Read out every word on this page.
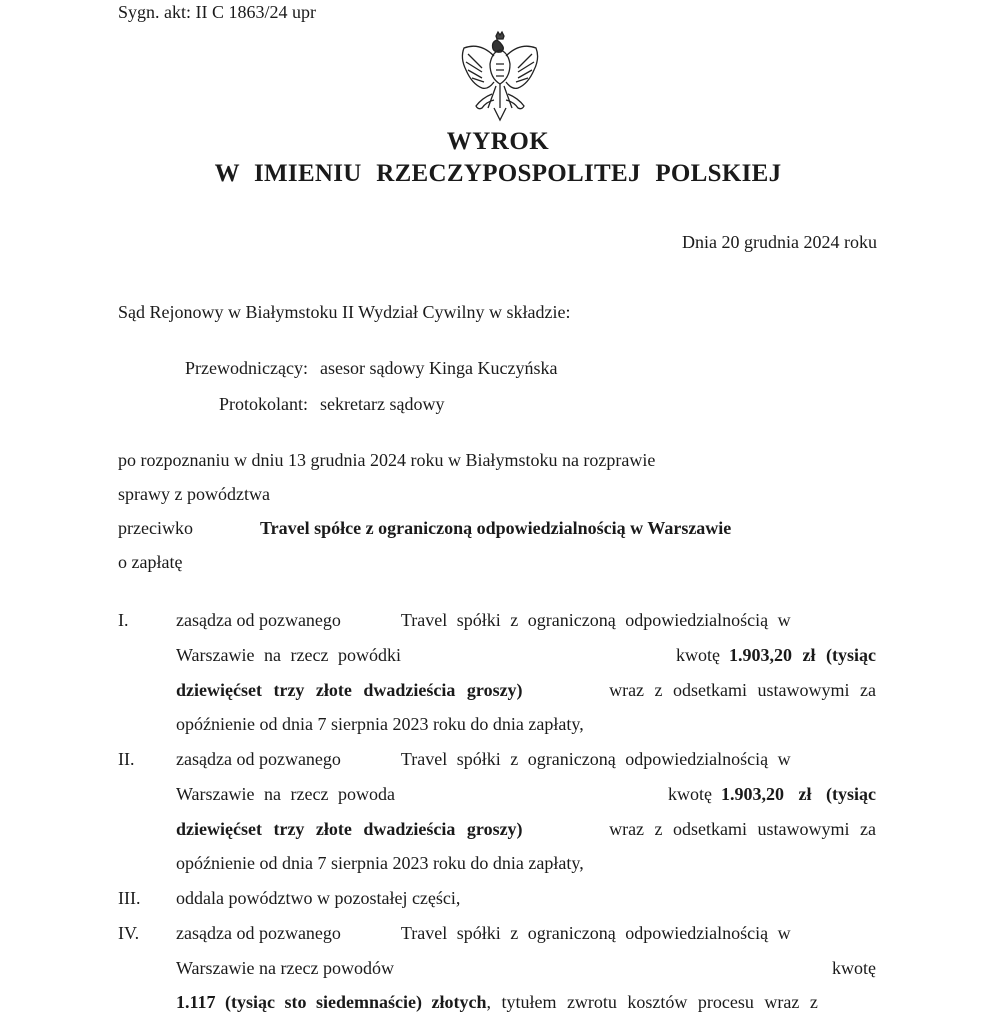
Sygn. akt: II C 1863/24 upr
WYROK
W IMIENIU RZECZYPOSPOLITEJ POLSKIEJ
Dnia 20 grudnia 2024 roku
Sąd Rejonowy w Białymstoku II Wydział Cywilny w składzie:
Przewodniczący: asesor sądowy Kinga Kuczyńska
Protokolant: sekretarz sądowy
po rozpoznaniu w dniu 13 grudnia 2024 roku w Białymstoku na rozprawie
sprawy z powództwa
przeciwko	Travel spółce z ograniczoną odpowiedzialnością w Warszawie
o zapłatę
I.	zasądza od pozwanego	Travel spółki z ograniczoną odpowiedzialnością w
Warszawie na rzecz powódki	kwotę 1.903,20 zł (tysiąc
dziewięćset trzy złote dwadzieścia groszy)	wraz z odsetkami ustawowymi za
opóźnienie od dnia 7 sierpnia 2023 roku do dnia zapłaty,
II.	zasądza od pozwanego	Travel spółki z ograniczoną odpowiedzialnością w
Warszawie na rzecz powoda	kwotę 1.903,20 zł (tysiąc
dziewięćset trzy złote dwadzieścia groszy)	wraz z odsetkami ustawowymi za
opóźnienie od dnia 7 sierpnia 2023 roku do dnia zapłaty,
III.	oddala powództwo w pozostałej części,
IV.	zasądza od pozwanego	Travel spółki z ograniczoną odpowiedzialnością w
Warszawie na rzecz powodów	kwotę
1.117 (tysiąc sto siedemnaście) złotych, tytułem zwrotu kosztów procesu wraz z
